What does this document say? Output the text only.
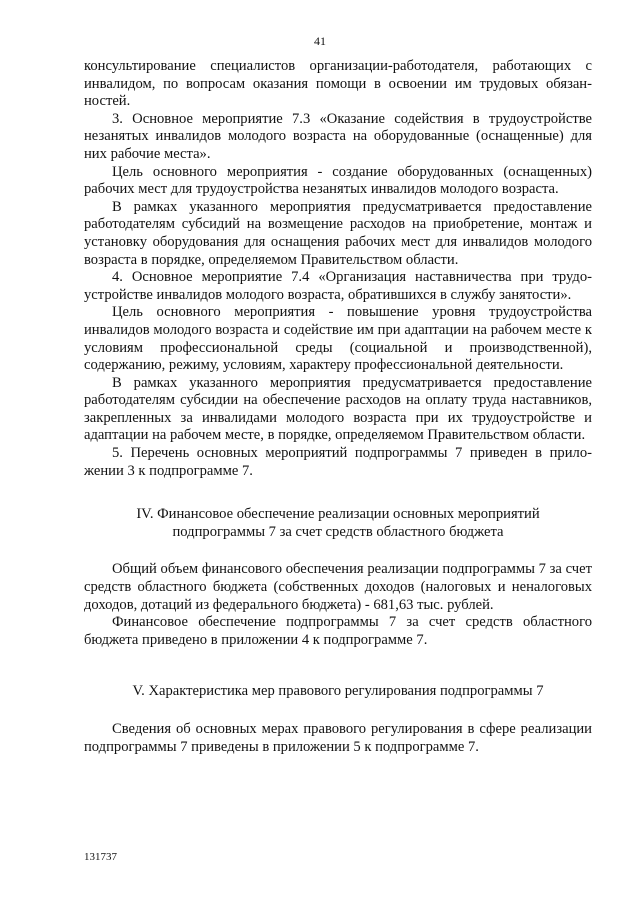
41

консультирование специалистов организации-работодателя, работающих с инвалидом, по вопросам оказания помощи в освоении им трудовых обязанностей.

3. Основное мероприятие 7.3 «Оказание содействия в трудоустройстве незанятых инвалидов молодого возраста на оборудованные (оснащенные) для них рабочие места».

Цель основного мероприятия - создание оборудованных (оснащенных) рабочих мест для трудоустройства незанятых инвалидов молодого возраста.

В рамках указанного мероприятия предусматривается предоставление работодателям субсидий на возмещение расходов на приобретение, монтаж и установку оборудования для оснащения рабочих мест для инвалидов молодого возраста в порядке, определяемом Правительством области.

4. Основное мероприятие 7.4 «Организация наставничества при трудоустройстве инвалидов молодого возраста, обратившихся в службу занятости».

Цель основного мероприятия - повышение уровня трудоустройства инвалидов молодого возраста и содействие им при адаптации на рабочем месте к условиям профессиональной среды (социальной и производственной), содержанию, режиму, условиям, характеру профессиональной деятельности.

В рамках указанного мероприятия предусматривается предоставление работодателям субсидии на обеспечение расходов на оплату труда наставников, закрепленных за инвалидами молодого возраста при их трудоустройстве и адаптации на рабочем месте, в порядке, определяемом Правительством области.

5. Перечень основных мероприятий подпрограммы 7 приведен в приложении 3 к подпрограмме 7.

IV. Финансовое обеспечение реализации основных мероприятий

подпрограммы 7 за счет средств областного бюджета

Общий объем финансового обеспечения реализации подпрограммы 7 за счет средств областного бюджета (собственных доходов (налоговых и неналоговых доходов, дотаций из федерального бюджета) - 681,63 тыс. рублей.

Финансовое обеспечение подпрограммы 7 за счет средств областного бюджета приведено в приложении 4 к подпрограмме 7.

V. Характеристика мер правового регулирования подпрограммы 7

Сведения об основных мерах правового регулирования в сфере реализации подпрограммы 7 приведены в приложении 5 к подпрограмме 7.

131737
